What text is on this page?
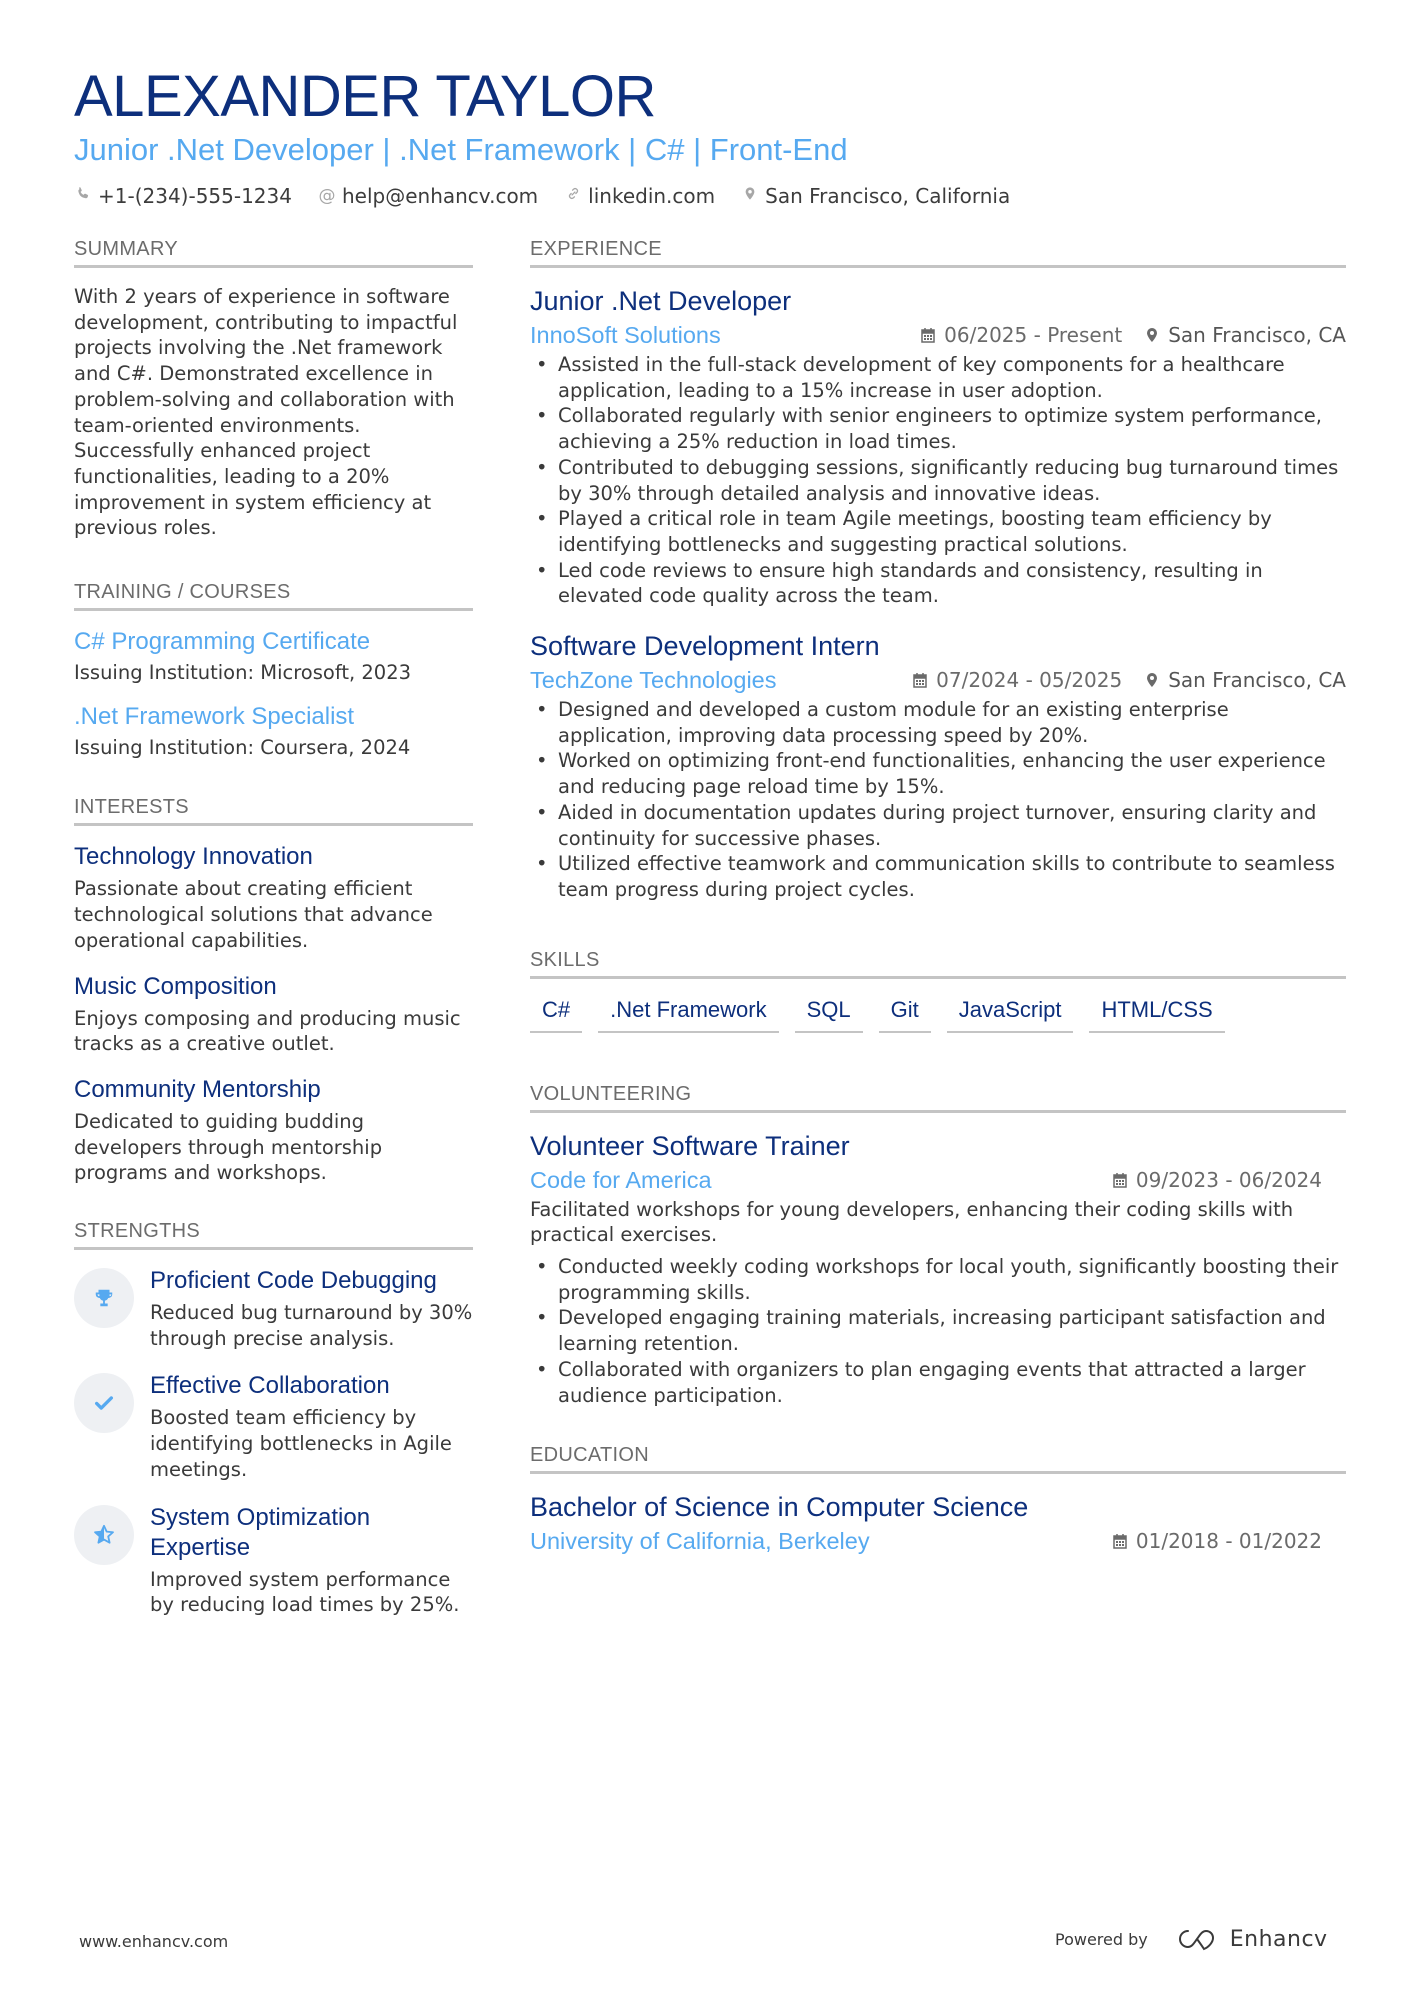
ALEXANDER TAYLOR
Junior .Net Developer | .Net Framework | C# | Front-End
+1-(234)-555-1234 @ help@enhancv.com	linkedin.com	San Francisco, California
SUMMARY
With 2 years of experience in software development, contributing to impactful projects involving the .Net framework and C#. Demonstrated excellence in problem-solving and collaboration with team-oriented environments. Successfully enhanced project functionalities, leading to a 20% improvement in system efficiency at previous roles.
TRAINING / COURSES
C# Programming Certificate
Issuing Institution: Microsoft, 2023
.Net Framework Specialist
Issuing Institution: Coursera, 2024
INTERESTS
Technology Innovation
Passionate about creating efficient technological solutions that advance operational capabilities.
Music Composition
Enjoys composing and producing music tracks as a creative outlet.
Community Mentorship
Dedicated to guiding budding developers through mentorship programs and workshops.
STRENGTHS
Proficient Code Debugging
Reduced bug turnaround by 30% through precise analysis.
Effective Collaboration
Boosted team efficiency by identifying bottlenecks in Agile meetings.
System Optimization Expertise
Improved system performance by reducing load times by 25%.
EXPERIENCE
Junior .Net Developer
InnoSoft Solutions	06/2025 - Present San Francisco, CA
• Assisted in the full-stack development of key components for a healthcare application, leading to a 15% increase in user adoption.
• Collaborated regularly with senior engineers to optimize system performance, achieving a 25% reduction in load times.
• Contributed to debugging sessions, significantly reducing bug turnaround times by 30% through detailed analysis and innovative ideas.
• Played a critical role in team Agile meetings, boosting team efficiency by identifying bottlenecks and suggesting practical solutions.
• Led code reviews to ensure high standards and consistency, resulting in elevated code quality across the team.
Software Development Intern
TechZone Technologies	07/2024 - 05/2025 San Francisco, CA
• Designed and developed a custom module for an existing enterprise application, improving data processing speed by 20%.
• Worked on optimizing front-end functionalities, enhancing the user experience and reducing page reload time by 15%.
• Aided in documentation updates during project turnover, ensuring clarity and continuity for successive phases.
• Utilized effective teamwork and communication skills to contribute to seamless team progress during project cycles.
SKILLS
C#	.Net Framework	SQL	Git	JavaScript	HTML/CSS
VOLUNTEERING
Volunteer Software Trainer
Code for America	09/2023 - 06/2024
Facilitated workshops for young developers, enhancing their coding skills with practical exercises.
• Conducted weekly coding workshops for local youth, significantly boosting their programming skills.
• Developed engaging training materials, increasing participant satisfaction and learning retention.
• Collaborated with organizers to plan engaging events that attracted a larger audience participation.
EDUCATION
Bachelor of Science in Computer Science
University of California, Berkeley	01/2018 - 01/2022
www.enhancv.com	Powered by	Enhancv
